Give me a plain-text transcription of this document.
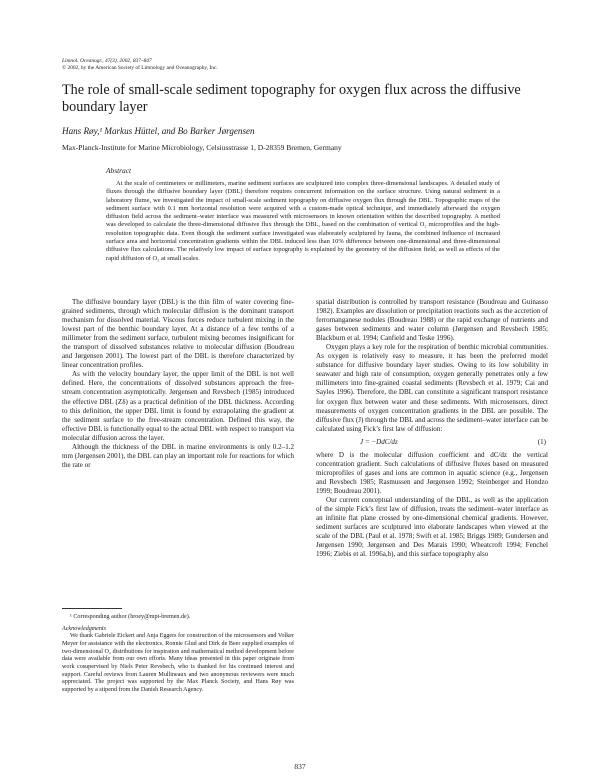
Limnol. Oceanogr., 47(3), 2002, 837–847
© 2002, by the American Society of Limnology and Oceanography, Inc.
The role of small-scale sediment topography for oxygen flux across the diffusive boundary layer
Hans Røy,¹ Markus Hüttel, and Bo Barker Jørgensen
Max-Planck-Institute for Marine Microbiology, Celsiusstrasse 1, D-28359 Bremen, Germany
Abstract
At the scale of centimeters or millimeters, marine sediment surfaces are sculptured into complex three-dimensional landscapes. A detailed study of fluxes through the diffusive boundary layer (DBL) therefore requires concurrent information on the surface structure. Using natural sediment in a laboratory flume, we investigated the impact of small-scale sediment topography on diffusive oxygen flux through the DBL. Topographic maps of the sediment surface with 0.1 mm horizontal resolution were acquired with a custom-made optical technique, and immediately afterward the oxygen diffusion field across the sediment–water interface was measured with microsensors in known orientation within the described topography. A method was developed to calculate the three-dimensional diffusive flux through the DBL, based on the combination of vertical O₂ microprofiles and the high-resolution topographic data. Even though the sediment surface investigated was elaborately sculptured by fauna, the combined influence of increased surface area and horizontal concentration gradients within the DBL induced less than 10% difference between one-dimensional and three-dimensional diffusive flux calculations. The relatively low impact of surface topography is explained by the geometry of the diffusion field, as well as effects of the rapid diffusion of O₂ at small scales.

The diffusive boundary layer (DBL) is the thin film of water covering fine-grained sediments, through which molecular diffusion is the dominant transport mechanism for dissolved material. Viscous forces reduce turbulent mixing in the lowest part of the benthic boundary layer. At a distance of a few tenths of a millimeter from the sediment surface, turbulent mixing becomes insignificant for the transport of dissolved substances relative to molecular diffusion (Boudreau and Jørgensen 2001). The lowest part of the DBL is therefore characterized by linear concentration profiles.

As with the velocity boundary layer, the upper limit of the DBL is not well defined. Here, the concentrations of dissolved substances approach the free-stream concentration asymptotically. Jørgensen and Revsbech (1985) introduced the effective DBL (Zδ) as a practical definition of the DBL thickness. According to this definition, the upper DBL limit is found by extrapolating the gradient at the sediment surface to the free-stream concentration. Defined this way, the effective DBL is functionally equal to the actual DBL with respect to transport via molecular diffusion across the layer.

Although the thickness of the DBL in marine environments is only 0.2–1.2 mm (Jørgensen 2001), the DBL can play an important role for reactions for which the rate or

¹ Corresponding author (hroey@mpi-bremen.de).

Acknowledgments

We thank Gabriele Eickert and Anja Eggers for construction of the microsensors and Volker Meyer for assistance with the electronics. Ronnie Glud and Dirk de Beer supplied examples of two-dimensional O₂ distributions for inspiration and mathematical method development before data were available from our own efforts. Many ideas presented in this paper originate from work cosupervised by Niels Peter Revsbech, who is thanked for his continued interest and support. Careful reviews from Lauren Mullineaux and two anonymous reviewers were much appreciated. The project was supported by the Max Planck Society, and Hans Røy was supported by a stipend from the Danish Research Agency.

spatial distribution is controlled by transport resistance (Boudreau and Guinasso 1982). Examples are dissolution or precipitation reactions such as the accretion of ferromanganese nodules (Boudreau 1988) or the rapid exchange of nutrients and gases between sediments and water column (Jørgensen and Revsbech 1985; Blackburn et al. 1994; Canfield and Teske 1996).

Oxygen plays a key role for the respiration of benthic microbial communities. As oxygen is relatively easy to measure, it has been the preferred model substance for diffusive boundary layer studies. Owing to its low solubility in seawater and high rate of consumption, oxygen generally penetrates only a few millimeters into fine-grained coastal sediments (Revsbech et al. 1979; Cai and Sayles 1996). Therefore, the DBL can constitute a significant transport resistance for oxygen flux between water and these sediments. With microsensors, direct measurements of oxygen concentration gradients in the DBL are possible. The diffusive flux (J) through the DBL and across the sediment–water interface can be calculated using Fick’s first law of diffusion:

J = −DdC/dz	(1)

where D is the molecular diffusion coefficient and dC/dz the vertical concentration gradient. Such calculations of diffusive fluxes based on measured microprofiles of gases and ions are common in aquatic science (e.g., Jørgensen and Revsbech 1985; Rasmussen and Jørgensen 1992; Steinberger and Hondzo 1999; Boudreau 2001).

Our current conceptual understanding of the DBL, as well as the application of the simple Fick’s first law of diffusion, treats the sediment–water interface as an infinite flat plane crossed by one-dimensional chemical gradients. However, sediment surfaces are sculptured into elaborate landscapes when viewed at the scale of the DBL (Paul et al. 1978; Swift et al. 1985; Briggs 1989; Gundersen and Jørgensen 1990; Jørgensen and Des Marais 1990; Wheatcroft 1994; Fenchel 1996; Ziebis et al. 1996a,b), and this surface topography also

837
